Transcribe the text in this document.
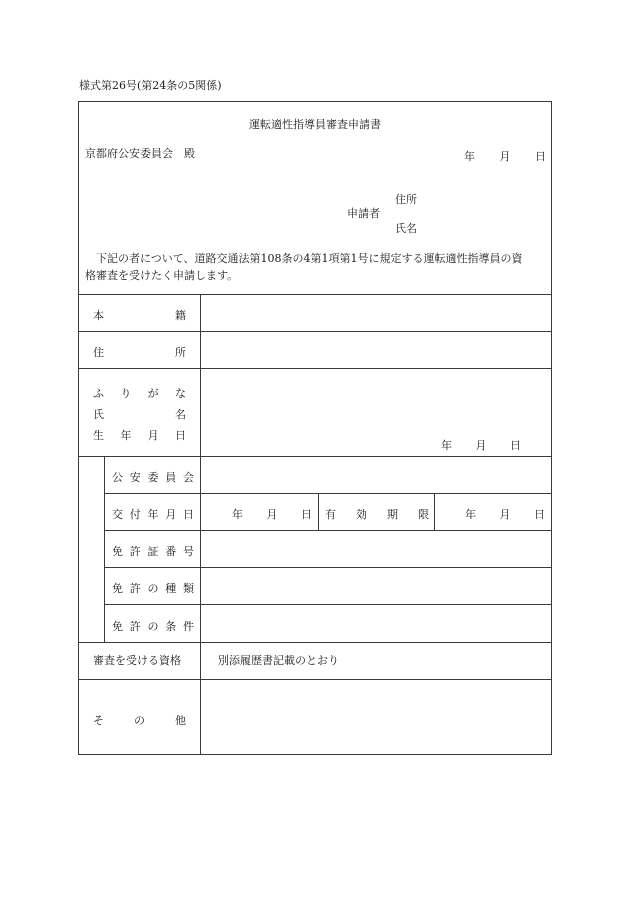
様式第26号(第24条の5関係)
運転適性指導員審査申請書
京都府公安委員会　殿	年 月 日
住所
申請者
氏名
　下記の者について、道路交通法第108条の4第1項第1号に規定する運転適性指導員の資
格審査を受けたく申請します。
本	籍
住	所
ふ り が な
氏	名
生 年 月 日
年 月 日
公 安 委 員 会
交 付 年 月 日	年 月 日 有 効 期 限	年 月 日
免 許 証 番 号
免 許 の 種 類
免 許 の 条 件
審査を受ける資格	別添履歴書記載のとおり
そ	の	他
